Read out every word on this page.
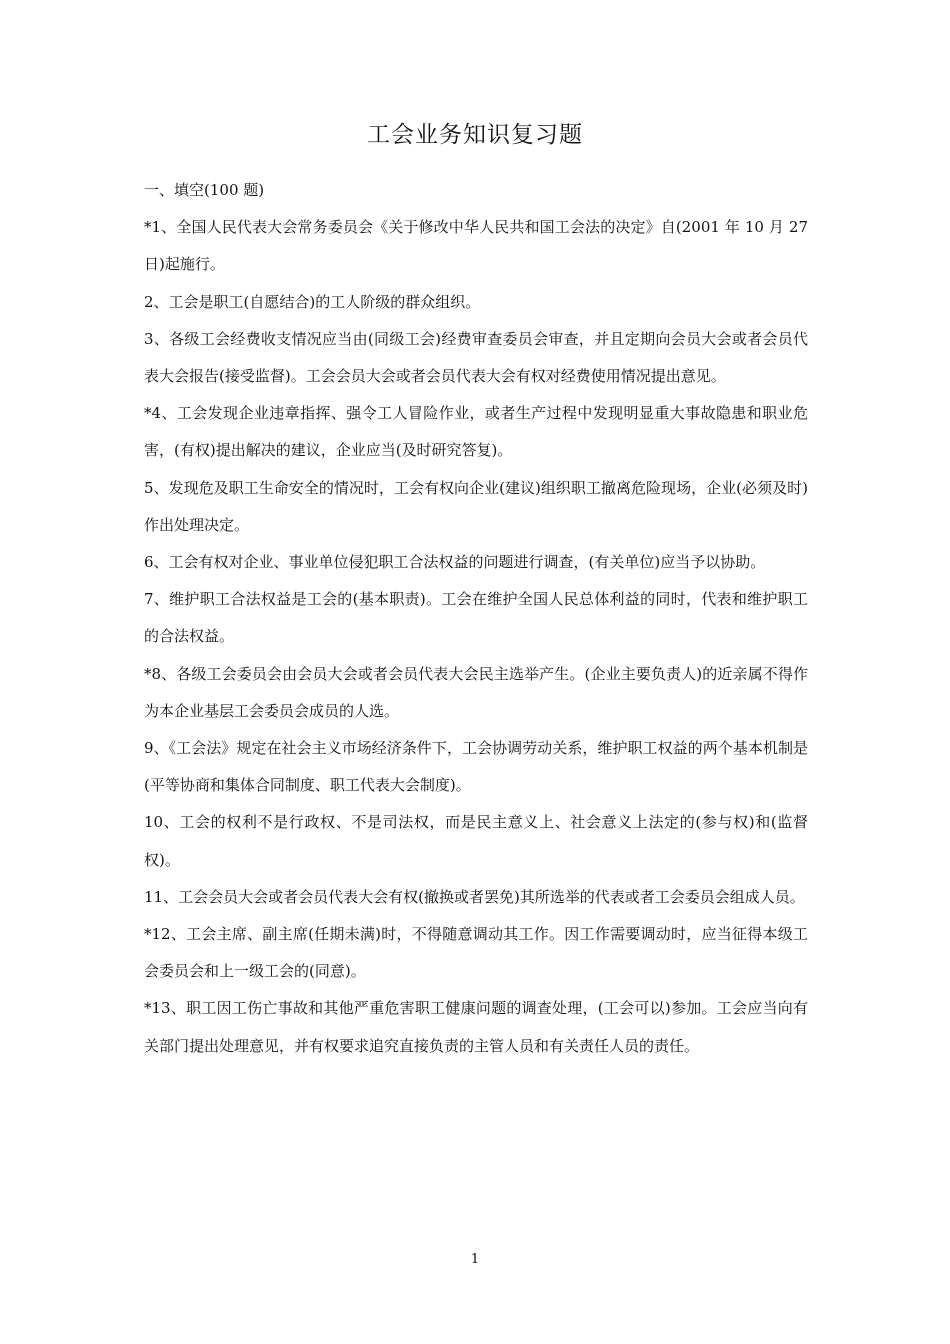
工会业务知识复习题

一、填空(100 题)

*1、全国人民代表大会常务委员会《关于修改中华人民共和国工会法的决定》自(2001 年 10 月 27 日)起施行。

2、工会是职工(自愿结合)的工人阶级的群众组织。

3、各级工会经费收支情况应当由(同级工会)经费审查委员会审查，并且定期向会员大会或者会员代表大会报告(接受监督)。工会会员大会或者会员代表大会有权对经费使用情况提出意见。

*4、工会发现企业违章指挥、强令工人冒险作业，或者生产过程中发现明显重大事故隐患和职业危害，(有权)提出解决的建议，企业应当(及时研究答复)。

5、发现危及职工生命安全的情况时，工会有权向企业(建议)组织职工撤离危险现场，企业(必须及时)作出处理决定。

6、工会有权对企业、事业单位侵犯职工合法权益的问题进行调查，(有关单位)应当予以协助。

7、维护职工合法权益是工会的(基本职责)。工会在维护全国人民总体利益的同时，代表和维护职工的合法权益。

*8、各级工会委员会由会员大会或者会员代表大会民主选举产生。(企业主要负责人)的近亲属不得作为本企业基层工会委员会成员的人选。

9、《工会法》规定在社会主义市场经济条件下，工会协调劳动关系，维护职工权益的两个基本机制是(平等协商和集体合同制度、职工代表大会制度)。

10、工会的权利不是行政权、不是司法权，而是民主意义上、社会意义上法定的(参与权)和(监督权)。

11、工会会员大会或者会员代表大会有权(撤换或者罢免)其所选举的代表或者工会委员会组成人员。

*12、工会主席、副主席(任期未满)时，不得随意调动其工作。因工作需要调动时，应当征得本级工会委员会和上一级工会的(同意)。

*13、职工因工伤亡事故和其他严重危害职工健康问题的调查处理，(工会可以)参加。工会应当向有关部门提出处理意见，并有权要求追究直接负责的主管人员和有关责任人员的责任。

1
